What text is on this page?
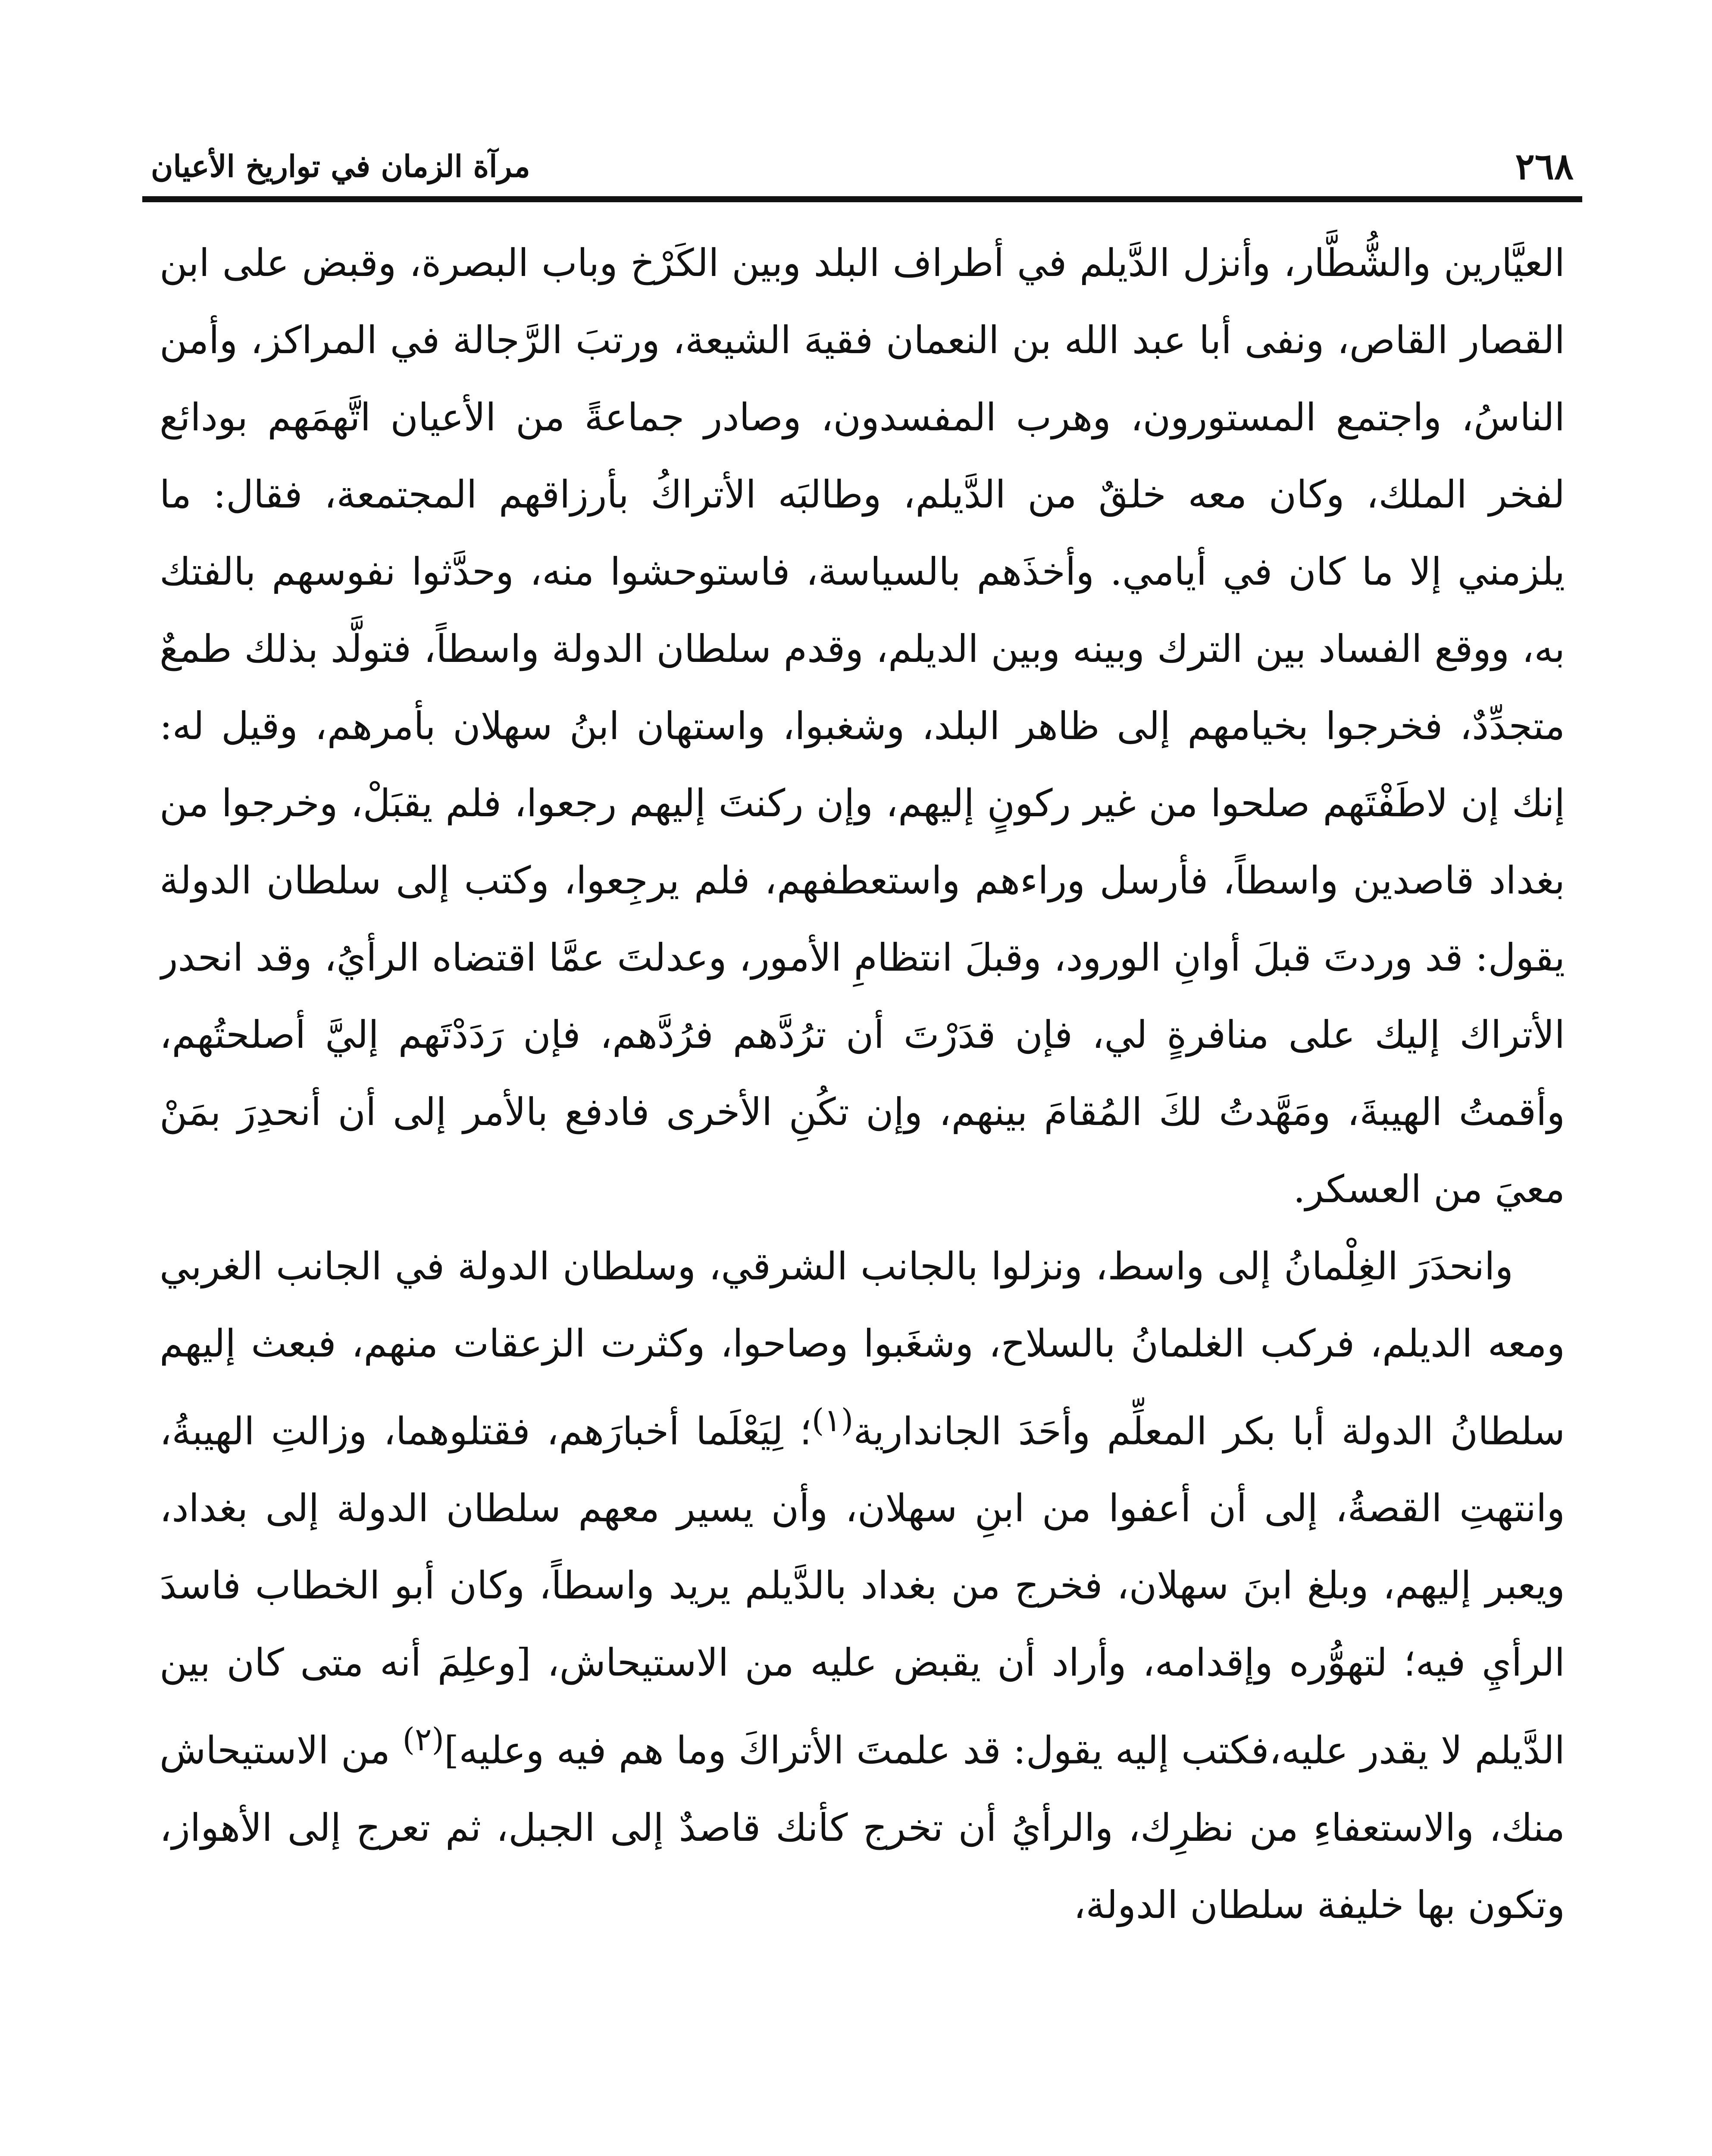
٢٦٨
مرآة الزمان في تواريخ الأعيان

العيَّارين والشُّطَّار، وأنزل الدَّيلم في أطراف البلد وبين الكَرْخ وباب البصرة، وقبض على ابن القصار القاص، ونفى أبا عبد الله بن النعمان فقيهَ الشيعة، ورتبَ الرَّجالة في المراكز، وأمن الناسُ، واجتمع المستورون، وهرب المفسدون، وصادر جماعةً من الأعيان اتَّهمَهم بودائع لفخر الملك، وكان معه خلقٌ من الدَّيلم، وطالبَه الأتراكُ بأرزاقهم المجتمعة، فقال: ما يلزمني إلا ما كان في أيامي. وأخذَهم بالسياسة، فاستوحشوا منه، وحدَّثوا نفوسهم بالفتك به، ووقع الفساد بين الترك وبينه وبين الديلم، وقدم سلطان الدولة واسطاً، فتولَّد بذلك طمعٌ متجدِّدٌ، فخرجوا بخيامهم إلى ظاهر البلد، وشغبوا، واستهان ابنُ سهلان بأمرهم، وقيل له: إنك إن لاطَفْتَهم صلحوا من غير ركونٍ إليهم، وإن ركنتَ إليهم رجعوا، فلم يقبَلْ، وخرجوا من بغداد قاصدين واسطاً، فأرسل وراءهم واستعطفهم، فلم يرجِعوا، وكتب إلى سلطان الدولة يقول: قد وردتَ قبلَ أوانِ الورود، وقبلَ انتظامِ الأمور، وعدلتَ عمَّا اقتضاه الرأيُ، وقد انحدر الأتراك إليك على منافرةٍ لي، فإن قدَرْتَ أن ترُدَّهم فرُدَّهم، فإن رَدَدْتَهم إليَّ أصلحتُهم، وأقمتُ الهيبةَ، ومَهَّدتُ لكَ المُقامَ بينهم، وإن تكُنِ الأخرى فادفع بالأمر إلى أن أنحدِرَ بمَنْ معيَ من العسكر.

وانحدَرَ الغِلْمانُ إلى واسط، ونزلوا بالجانب الشرقي، وسلطان الدولة في الجانب الغربي ومعه الديلم، فركب الغلمانُ بالسلاح، وشغَبوا وصاحوا، وكثرت الزعقات منهم، فبعث إليهم سلطانُ الدولة أبا بكر المعلِّم وأحَدَ الجاندارية$^{(١)}$؛ لِيَعْلَما أخبارَهم، فقتلوهما، وزالتِ الهيبةُ، وانتهتِ القصةُ، إلى أن أعفوا من ابنِ سهلان، وأن يسير معهم سلطان الدولة إلى بغداد، ويعبر إليهم، وبلغ ابنَ سهلان، فخرج من بغداد بالدَّيلم يريد واسطاً، وكان أبو الخطاب فاسدَ الرأيِ فيه؛ لتهوُّره وإقدامه، وأراد أن يقبض عليه من الاستيحاش، [وعلِمَ أنه متى كان بين الدَّيلم لا يقدر عليه،فكتب إليه يقول: قد علمتَ الأتراكَ وما هم فيه وعليه]$^{(٢)}$ من الاستيحاش منك، والاستعفاءِ من نظرِك، والرأيُ أن تخرج كأنك قاصدٌ إلى الجبل، ثم تعرج إلى الأهواز، وتكون بها خليفة سلطان الدولة،
